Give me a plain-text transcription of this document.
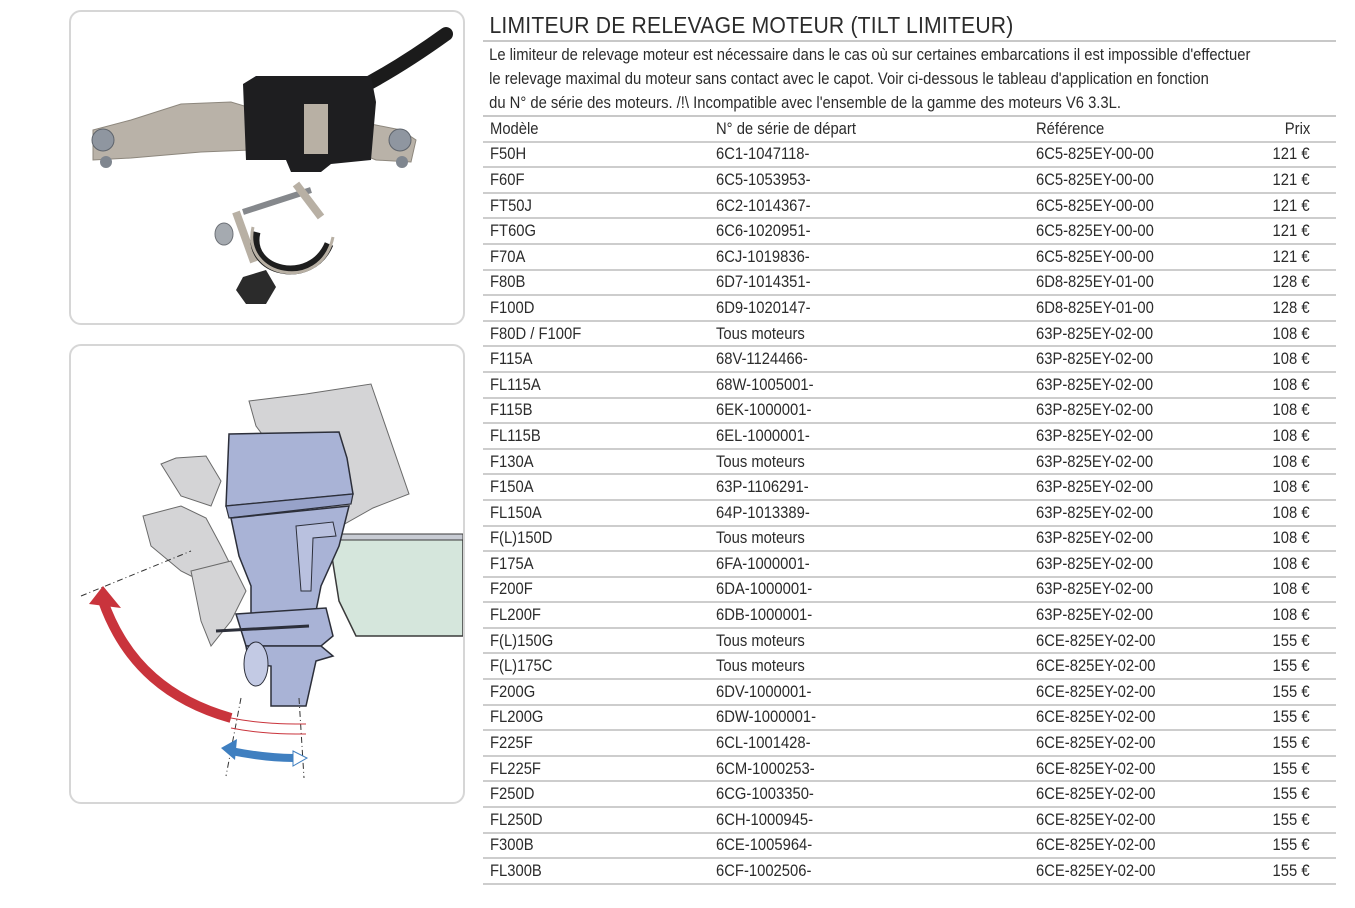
LIMITEUR DE RELEVAGE MOTEUR (TILT LIMITEUR)
Le limiteur de relevage moteur est nécessaire dans le cas où sur certaines embarcations il est impossible d'effectuer
le relevage maximal du moteur sans contact avec le capot. Voir ci-dessous le tableau d'application en fonction
du N° de série des moteurs. /!\ Incompatible avec l'ensemble de la gamme des moteurs V6 3.3L.
Modèle	N° de série de départ	Référence	Prix
F50H	6C1-1047118-	6C5-825EY-00-00	121 €
F60F	6C5-1053953-	6C5-825EY-00-00	121 €
FT50J	6C2-1014367-	6C5-825EY-00-00	121 €
FT60G	6C6-1020951-	6C5-825EY-00-00	121 €
F70A	6CJ-1019836-	6C5-825EY-00-00	121 €
F80B	6D7-1014351-	6D8-825EY-01-00	128 €
F100D	6D9-1020147-	6D8-825EY-01-00	128 €
F80D / F100F	Tous moteurs	63P-825EY-02-00	108 €
F115A	68V-1124466-	63P-825EY-02-00	108 €
FL115A	68W-1005001-	63P-825EY-02-00	108 €
F115B	6EK-1000001-	63P-825EY-02-00	108 €
FL115B	6EL-1000001-	63P-825EY-02-00	108 €
F130A	Tous moteurs	63P-825EY-02-00	108 €
F150A	63P-1106291-	63P-825EY-02-00	108 €
FL150A	64P-1013389-	63P-825EY-02-00	108 €
F(L)150D	Tous moteurs	63P-825EY-02-00	108 €
F175A	6FA-1000001-	63P-825EY-02-00	108 €
F200F	6DA-1000001-	63P-825EY-02-00	108 €
FL200F	6DB-1000001-	63P-825EY-02-00	108 €
F(L)150G	Tous moteurs	6CE-825EY-02-00	155 €
F(L)175C	Tous moteurs	6CE-825EY-02-00	155 €
F200G	6DV-1000001-	6CE-825EY-02-00	155 €
FL200G	6DW-1000001-	6CE-825EY-02-00	155 €
F225F	6CL-1001428-	6CE-825EY-02-00	155 €
FL225F	6CM-1000253-	6CE-825EY-02-00	155 €
F250D	6CG-1003350-	6CE-825EY-02-00	155 €
FL250D	6CH-1000945-	6CE-825EY-02-00	155 €
F300B	6CE-1005964-	6CE-825EY-02-00	155 €
FL300B	6CF-1002506-	6CE-825EY-02-00	155 €
